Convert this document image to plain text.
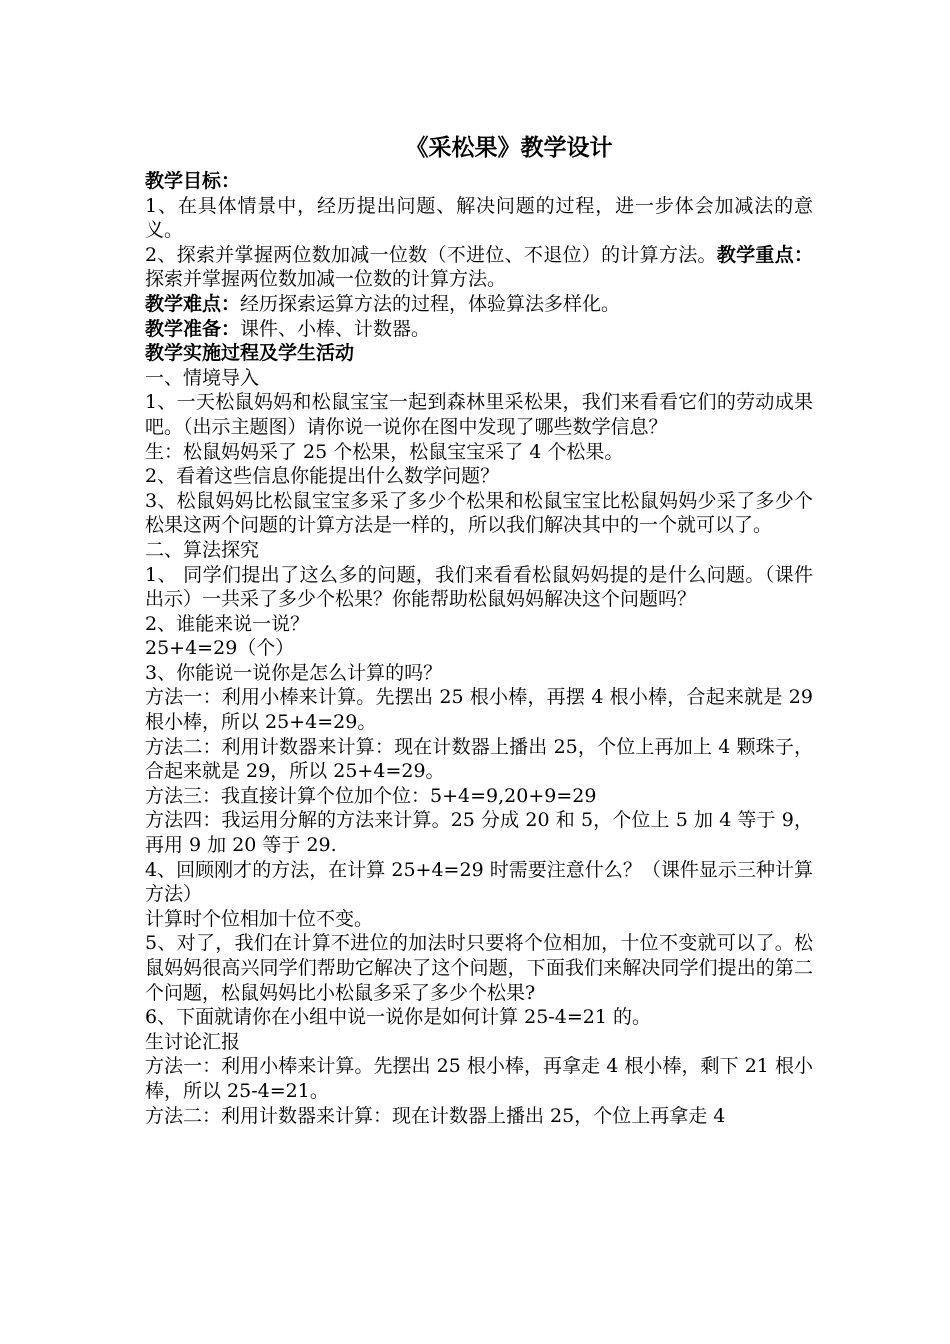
《采松果》教学设计

教学目标：

1、在具体情景中，经历提出问题、解决问题的过程，进一步体会加减法的意义。

2、探索并掌握两位数加减一位数（不进位、不退位）的计算方法。教学重点：探索并掌握两位数加减一位数的计算方法。

教学难点：经历探索运算方法的过程，体验算法多样化。

教学准备：课件、小棒、计数器。

教学实施过程及学生活动

一、情境导入

1、一天松鼠妈妈和松鼠宝宝一起到森林里采松果，我们来看看它们的劳动成果吧。（出示主题图）请你说一说你在图中发现了哪些数学信息？

生：松鼠妈妈采了 25 个松果，松鼠宝宝采了 4 个松果。

2、看着这些信息你能提出什么数学问题？

3、松鼠妈妈比松鼠宝宝多采了多少个松果和松鼠宝宝比松鼠妈妈少采了多少个松果这两个问题的计算方法是一样的，所以我们解决其中的一个就可以了。

二、算法探究

1、 同学们提出了这么多的问题，我们来看看松鼠妈妈提的是什么问题。（课件出示）一共采了多少个松果？你能帮助松鼠妈妈解决这个问题吗？

2、谁能来说一说？

25+4=29（个）

3、你能说一说你是怎么计算的吗？

方法一：利用小棒来计算。先摆出 25 根小棒，再摆 4 根小棒，合起来就是 29 根小棒，所以 25+4=29。

方法二：利用计数器来计算：现在计数器上播出 25，个位上再加上 4 颗珠子，合起来就是 29，所以 25+4=29。

方法三：我直接计算个位加个位：5+4=9,20+9=29

方法四：我运用分解的方法来计算。25 分成 20 和 5，个位上 5 加 4 等于 9，再用 9 加 20 等于 29.

4、回顾刚才的方法，在计算 25+4=29 时需要注意什么？（课件显示三种计算方法）

计算时个位相加十位不变。

5、对了，我们在计算不进位的加法时只要将个位相加，十位不变就可以了。松鼠妈妈很高兴同学们帮助它解决了这个问题，下面我们来解决同学们提出的第二个问题，松鼠妈妈比小松鼠多采了多少个松果?

6、下面就请你在小组中说一说你是如何计算 25-4=21 的。

生讨论汇报

方法一：利用小棒来计算。先摆出 25 根小棒，再拿走 4 根小棒，剩下 21 根小棒，所以 25-4=21。

方法二：利用计数器来计算：现在计数器上播出 25，个位上再拿走 4
